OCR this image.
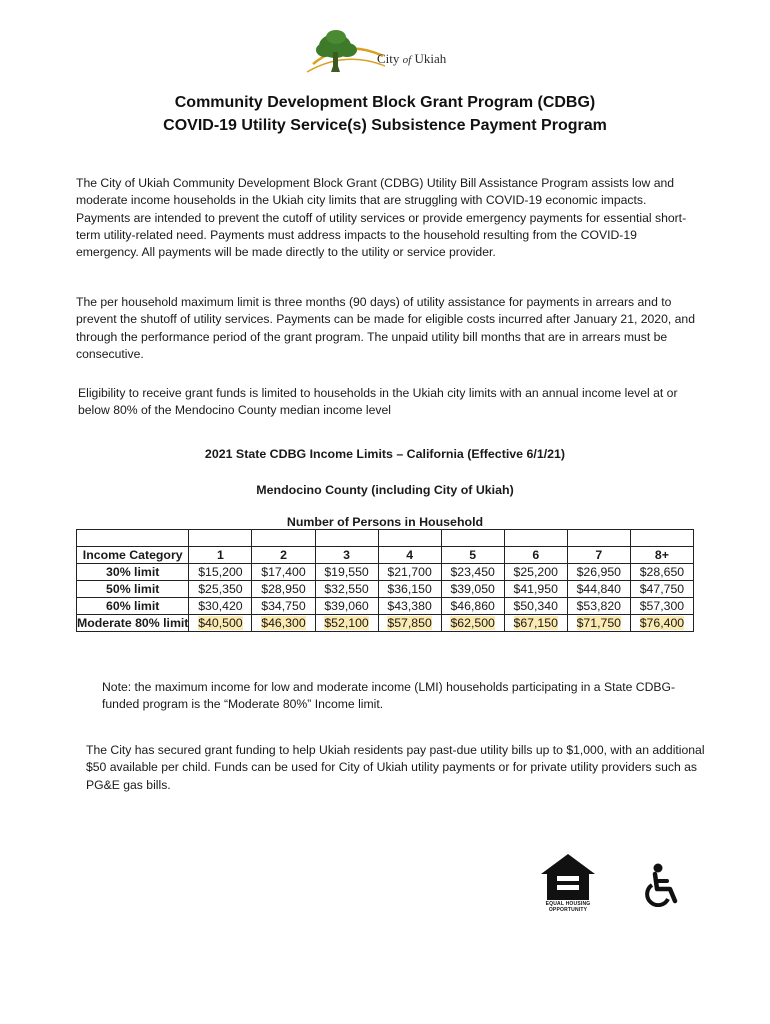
City of Ukiah
Community Development Block Grant Program (CDBG)
COVID-19 Utility Service(s) Subsistence Payment Program

The City of Ukiah Community Development Block Grant (CDBG) Utility Bill Assistance Program assists low and moderate income households in the Ukiah city limits that are struggling with COVID-19 economic impacts. Payments are intended to prevent the cutoff of utility services or provide emergency payments for essential short-term utility-related need. Payments must address impacts to the household resulting from the COVID-19 emergency. All payments will be made directly to the utility or service provider.

The per household maximum limit is three months (90 days) of utility assistance for payments in arrears and to prevent the shutoff of utility services. Payments can be made for eligible costs incurred after January 21, 2020, and through the performance period of the grant program. The unpaid utility bill months that are in arrears must be consecutive.

Eligibility to receive grant funds is limited to households in the Ukiah city limits with an annual income level at or below 80% of the Mendocino County median income level

2021 State CDBG Income Limits – California (Effective 6/1/21)
Mendocino County (including City of Ukiah)
Number of Persons in Household

Income Category	1	2	3	4	5	6	7	8+
30% limit	$15,200	$17,400	$19,550	$21,700	$23,450	$25,200	$26,950	$28,650
50% limit	$25,350	$28,950	$32,550	$36,150	$39,050	$41,950	$44,840	$47,750
60% limit	$30,420	$34,750	$39,060	$43,380	$46,860	$50,340	$53,820	$57,300
Moderate 80% limit	$40,500	$46,300	$52,100	$57,850	$62,500	$67,150	$71,750	$76,400

Note: the maximum income for low and moderate income (LMI) households participating in a State CDBG-funded program is the “Moderate 80%” Income limit.

The City has secured grant funding to help Ukiah residents pay past-due utility bills up to $1,000, with an additional $50 available per child. Funds can be used for City of Ukiah utility payments or for private utility providers such as PG&E gas bills.

EQUAL HOUSING
OPPORTUNITY
